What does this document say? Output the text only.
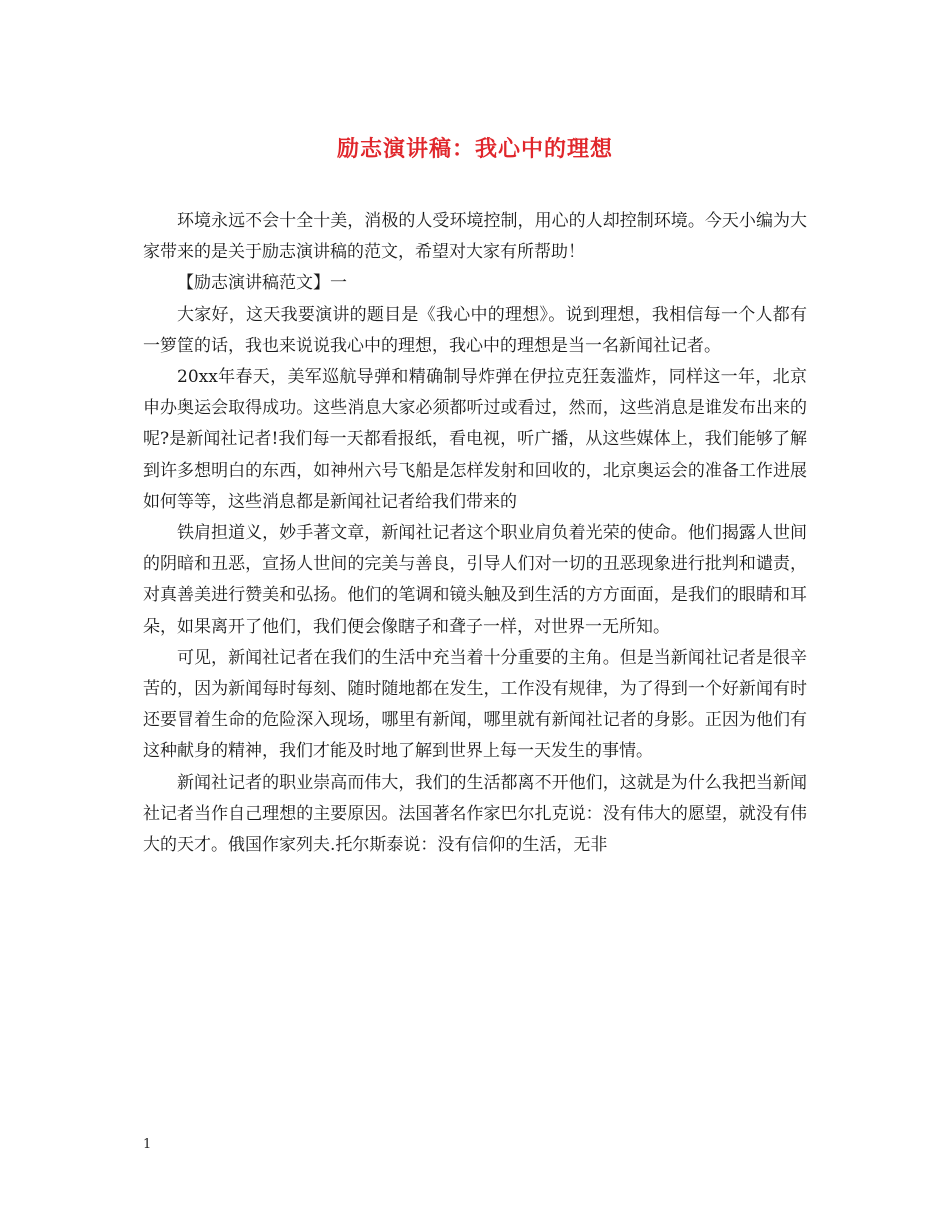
励志演讲稿：我心中的理想

环境永远不会十全十美，消极的人受环境控制，用心的人却控制环境。今天小编为大家带来的是关于励志演讲稿的范文，希望对大家有所帮助！

【励志演讲稿范文】一

大家好，这天我要演讲的题目是《我心中的理想》。说到理想，我相信每一个人都有一箩筐的话，我也来说说我心中的理想，我心中的理想是当一名新闻社记者。

20xx年春天，美军巡航导弹和精确制导炸弹在伊拉克狂轰滥炸，同样这一年，北京申办奥运会取得成功。这些消息大家必须都听过或看过，然而，这些消息是谁发布出来的呢?是新闻社记者!我们每一天都看报纸，看电视，听广播，从这些媒体上，我们能够了解到许多想明白的东西，如神州六号飞船是怎样发射和回收的，北京奥运会的准备工作进展如何等等，这些消息都是新闻社记者给我们带来的

铁肩担道义，妙手著文章，新闻社记者这个职业肩负着光荣的使命。他们揭露人世间的阴暗和丑恶，宣扬人世间的完美与善良，引导人们对一切的丑恶现象进行批判和谴责，对真善美进行赞美和弘扬。他们的笔调和镜头触及到生活的方方面面，是我们的眼睛和耳朵，如果离开了他们，我们便会像瞎子和聋子一样，对世界一无所知。

可见，新闻社记者在我们的生活中充当着十分重要的主角。但是当新闻社记者是很辛苦的，因为新闻每时每刻、随时随地都在发生，工作没有规律，为了得到一个好新闻有时还要冒着生命的危险深入现场，哪里有新闻，哪里就有新闻社记者的身影。正因为他们有这种献身的精神，我们才能及时地了解到世界上每一天发生的事情。

新闻社记者的职业崇高而伟大，我们的生活都离不开他们，这就是为什么我把当新闻社记者当作自己理想的主要原因。法国著名作家巴尔扎克说：没有伟大的愿望，就没有伟大的天才。俄国作家列夫.托尔斯泰说：没有信仰的生活，无非

1
